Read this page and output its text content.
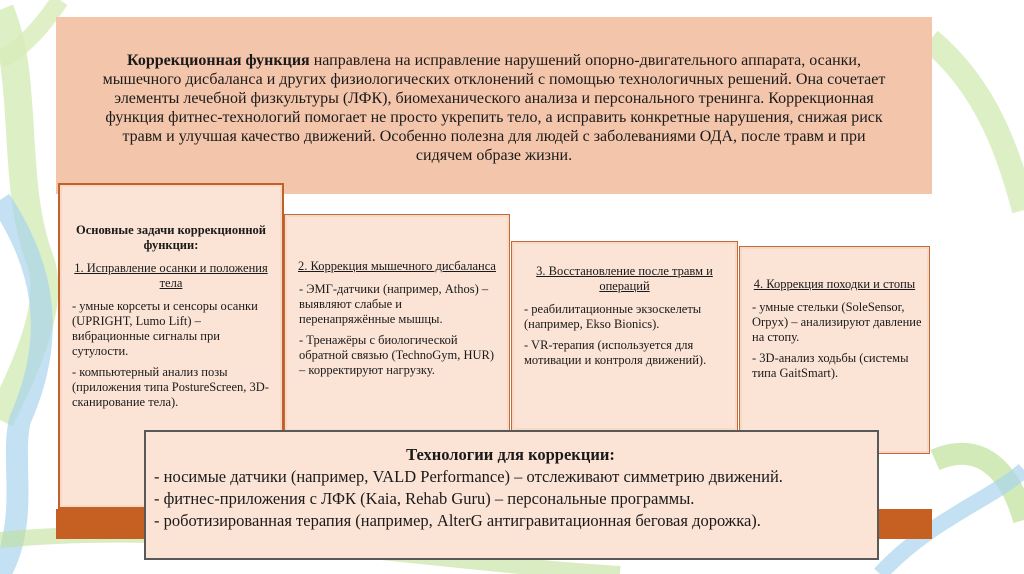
Коррекционная функция направлена на исправление нарушений опорно-двигательного аппарата, осанки, мышечного дисбаланса и других физиологических отклонений с помощью технологичных решений. Она сочетает элементы лечебной физкультуры (ЛФК), биомеханического анализа и персонального тренинга. Коррекционная функция фитнес-технологий помогает не просто укрепить тело, а исправить конкретные нарушения, снижая риск травм и улучшая качество движений. Особенно полезна для людей с заболеваниями ОДА, после травм и при сидячем образе жизни.
Основные задачи коррекционной функции:
1. Исправление осанки и положения тела
- умные корсеты и сенсоры осанки (UPRIGHT, Lumo Lift) – вибрационные сигналы при сутулости.
- компьютерный анализ позы (приложения типа PostureScreen, 3D-сканирование тела).
2. Коррекция мышечного дисбаланса
- ЭМГ-датчики (например, Athos) – выявляют слабые и перенапряжённые мышцы.
- Тренажёры с биологической обратной связью (TechnoGym, HUR) – корректируют нагрузку.
3. Восстановление после травм и операций
- реабилитационные экзоскелеты (например, Ekso Bionics).
- VR-терапия (используется для мотивации и контроля движений).
4. Коррекция походки и стопы
- умные стельки (SoleSensor, Orpyx) – анализируют давление на стопу.
- 3D-анализ ходьбы (системы типа GaitSmart).
Технологии для коррекции:
- носимые датчики (например, VALD Performance) – отслеживают симметрию движений.
- фитнес-приложения с ЛФК (Kaia, Rehab Guru) – персональные программы.
- роботизированная терапия (например, AlterG антигравитационная беговая дорожка).
